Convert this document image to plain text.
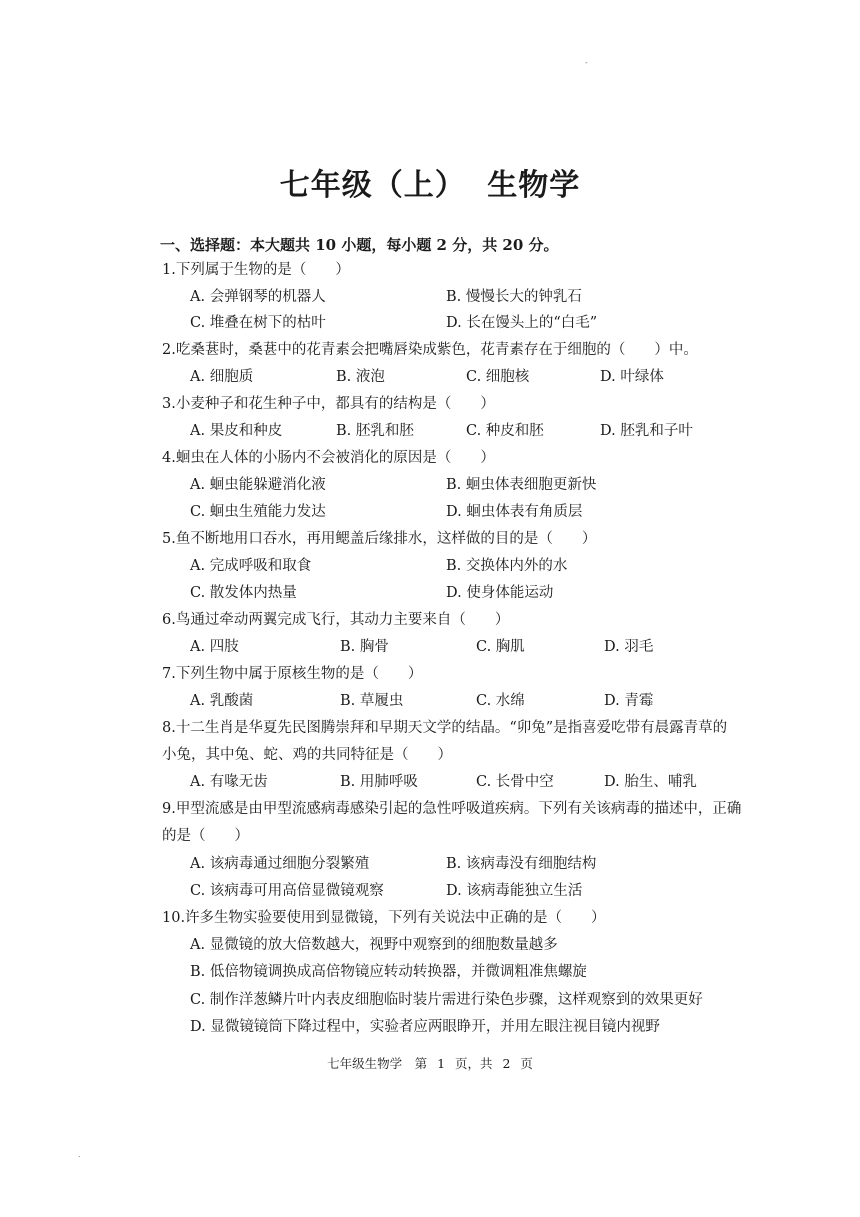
-
七年级（上） 生物学
一、选择题：本大题共 10 小题，每小题 2 分，共 20 分。
1.下列属于生物的是（　　）
A. 会弹钢琴的机器人	B. 慢慢长大的钟乳石
C. 堆叠在树下的枯叶	D. 长在馒头上的“白毛”
2.吃桑葚时，桑葚中的花青素会把嘴唇染成紫色，花青素存在于细胞的（　　）中。
A. 细胞质	B. 液泡	C. 细胞核	D. 叶绿体
3.小麦种子和花生种子中，都具有的结构是（　　）
A. 果皮和种皮	B. 胚乳和胚	C. 种皮和胚	D. 胚乳和子叶
4.蛔虫在人体的小肠内不会被消化的原因是（　　）
A. 蛔虫能躲避消化液	B. 蛔虫体表细胞更新快
C. 蛔虫生殖能力发达	D. 蛔虫体表有角质层
5.鱼不断地用口吞水，再用鳃盖后缘排水，这样做的目的是（　　）
A. 完成呼吸和取食	B. 交换体内外的水
C. 散发体内热量	D. 使身体能运动
6.鸟通过牵动两翼完成飞行，其动力主要来自（　　）
A. 四肢	B. 胸骨	C. 胸肌	D. 羽毛
7.下列生物中属于原核生物的是（　　）
A. 乳酸菌	B. 草履虫	C. 水绵	D. 青霉
8.十二生肖是华夏先民图腾崇拜和早期天文学的结晶。“卯兔”是指喜爱吃带有晨露青草的
小兔，其中兔、蛇、鸡的共同特征是（　　）
A. 有喙无齿	B. 用肺呼吸	C. 长骨中空	D. 胎生、哺乳
9.甲型流感是由甲型流感病毒感染引起的急性呼吸道疾病。下列有关该病毒的描述中，正确
的是（　　）
A. 该病毒通过细胞分裂繁殖	B. 该病毒没有细胞结构
C. 该病毒可用高倍显微镜观察	D. 该病毒能独立生活
10.许多生物实验要使用到显微镜，下列有关说法中正确的是（　　）
A. 显微镜的放大倍数越大，视野中观察到的细胞数量越多
B. 低倍物镜调换成高倍物镜应转动转换器，并微调粗准焦螺旋
C. 制作洋葱鳞片叶内表皮细胞临时装片需进行染色步骤，这样观察到的效果更好
D. 显微镜镜筒下降过程中，实验者应两眼睁开，并用左眼注视目镜内视野
七年级生物学　第 1 页，共 2 页
.
